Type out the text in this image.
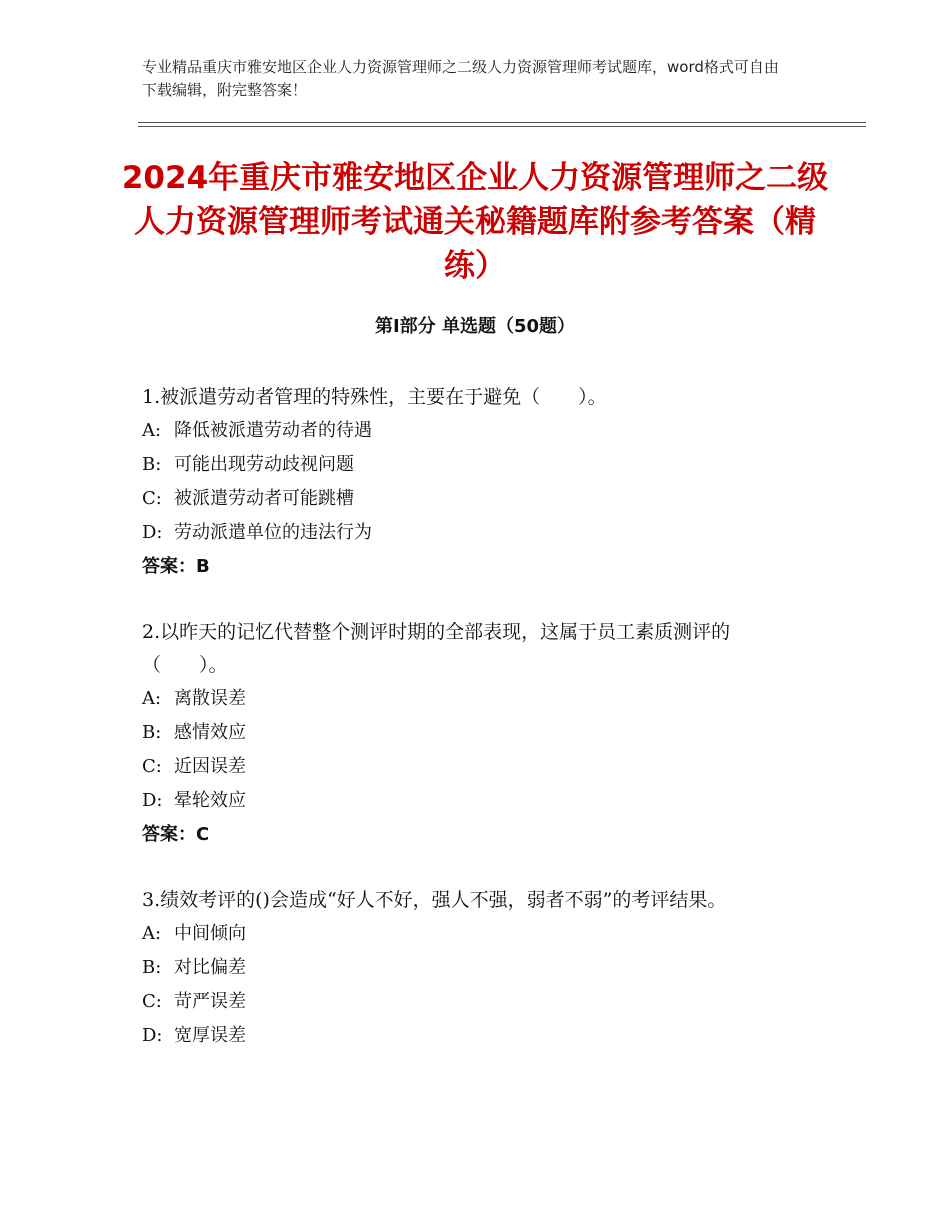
专业精品重庆市雅安地区企业人力资源管理师之二级人力资源管理师考试题库，word格式可自由下载编辑，附完整答案！
2024年重庆市雅安地区企业人力资源管理师之二级人力资源管理师考试通关秘籍题库附参考答案（精练）
第Ⅰ部分 单选题（50题）

1.被派遣劳动者管理的特殊性，主要在于避免（　　）。

A: 降低被派遣劳动者的待遇

B: 可能出现劳动歧视问题

C: 被派遣劳动者可能跳槽

D: 劳动派遣单位的违法行为

答案：B

2.以昨天的记忆代替整个测评时期的全部表现，这属于员工素质测评的（　　）。

A: 离散误差

B: 感情效应

C: 近因误差

D: 晕轮效应

答案：C

3.绩效考评的()会造成“好人不好，强人不强，弱者不弱”的考评结果。

A: 中间倾向

B: 对比偏差

C: 苛严误差

D: 宽厚误差
